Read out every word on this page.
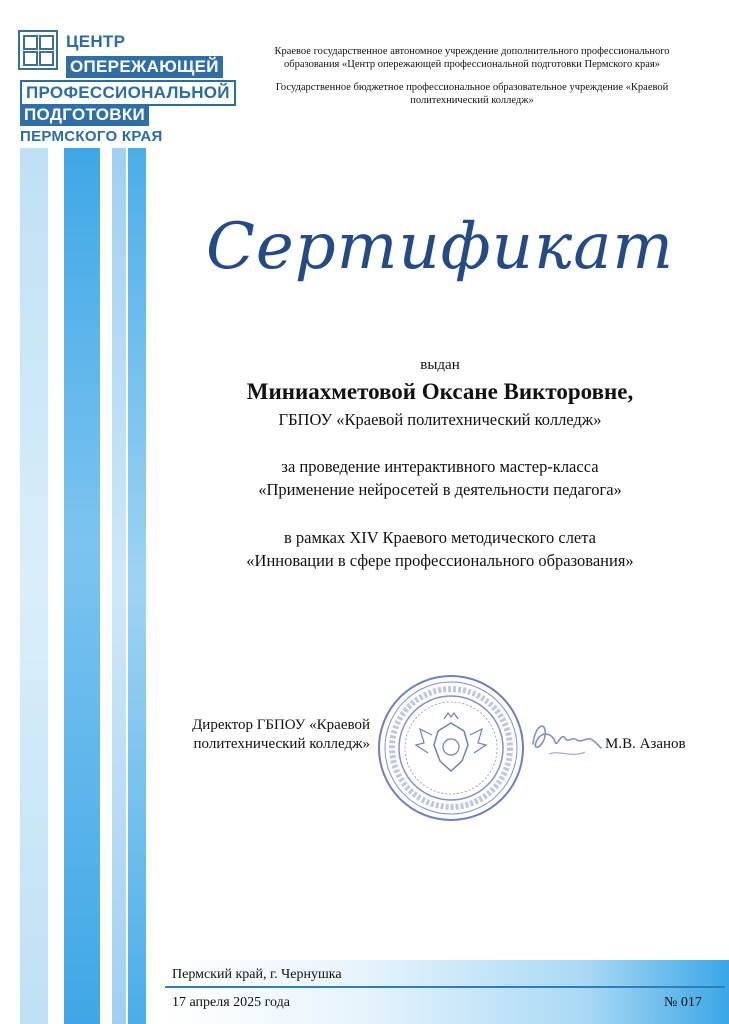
ЦЕНТР
ОПЕРЕЖАЮЩЕЙ
ПРОФЕССИОНАЛЬНОЙ
ПОДГОТОВКИ
ПЕРМСКОГО КРАЯ

Краевое государственное автономное учреждение дополнительного профессионального образования «Центр опережающей профессиональной подготовки Пермского края»

Государственное бюджетное профессиональное образовательное учреждение «Краевой политехнический колледж»

Сертификат
выдан
Миниахметовой Оксане Викторовне,
ГБПОУ «Краевой политехнический колледж»
за проведение интерактивного мастер-класса
«Применение нейросетей в деятельности педагога»
в рамках XIV Краевого методического слета
«Инновации в сфере профессионального образования»
Директор ГБПОУ «Краевой
политехнический колледж»	М.В. Азанов
Пермский край, г. Чернушка
17 апреля 2025 года	№ 017
